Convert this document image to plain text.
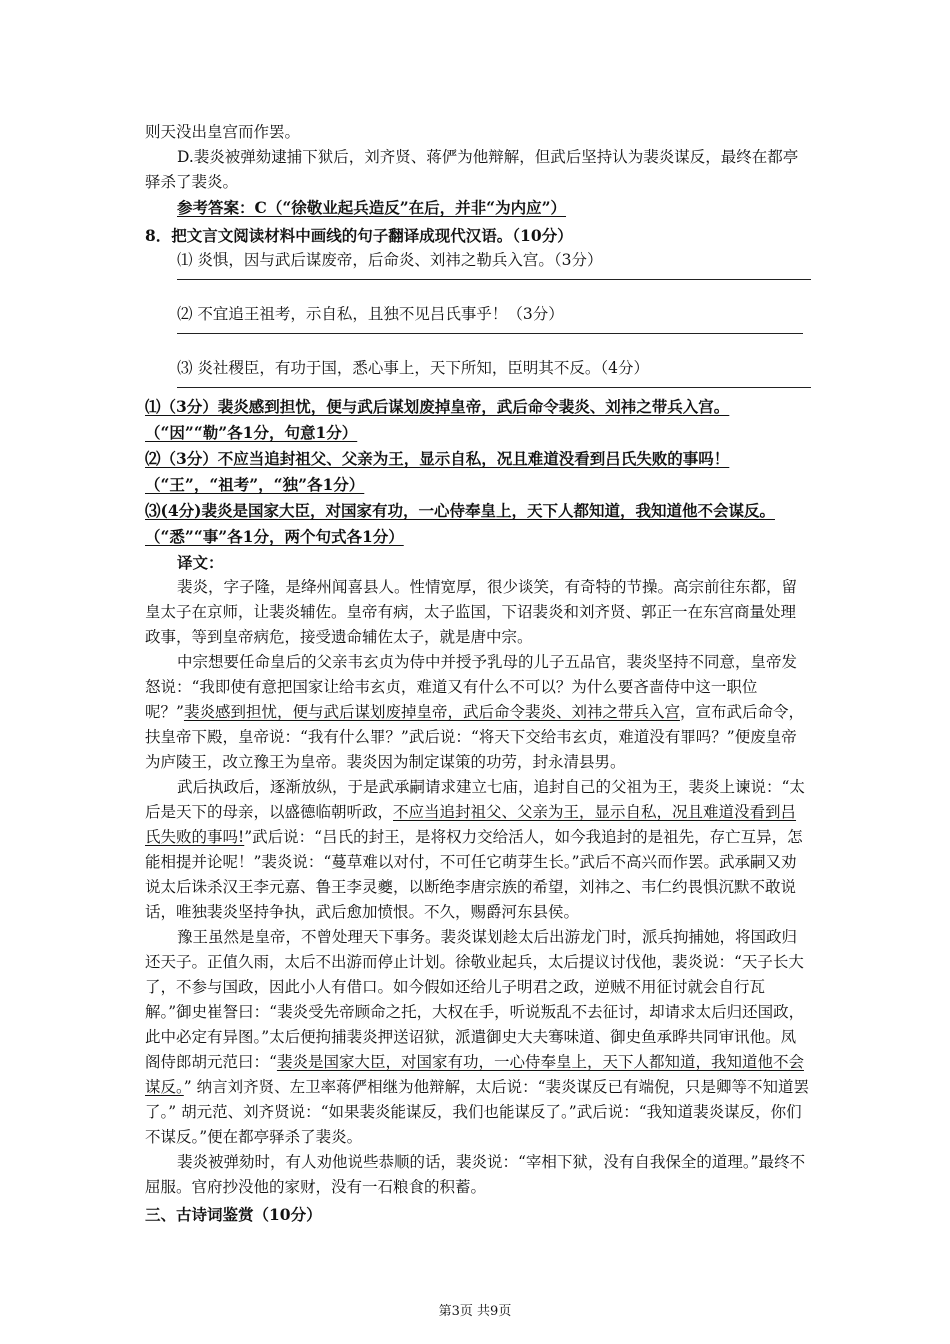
则天没出皇宫而作罢。

D.裴炎被弹劾逮捕下狱后，刘齐贤、蒋俨为他辩解，但武后坚持认为裴炎谋反，最终在都亭驿杀了裴炎。

参考答案：C（“徐敬业起兵造反”在后，并非“为内应”）

8．把文言文阅读材料中画线的句子翻译成现代汉语。（10分）

⑴ 炎惧，因与武后谋废帝，后命炎、刘祎之勒兵入宫。（3分）

⑵ 不宜追王祖考，示自私，且独不见吕氏事乎！（3分）

⑶ 炎社稷臣，有功于国，悉心事上，天下所知，臣明其不反。（4分）

⑴（3分）裴炎感到担忧，便与武后谋划废掉皇帝，武后命令裴炎、刘祎之带兵入宫。（“因”“勒”各1分，句意1分）

⑵（3分）不应当追封祖父、父亲为王，显示自私，况且难道没看到吕氏失败的事吗！（“王”，“祖考”，“独”各1分）

⑶(4分)裴炎是国家大臣，对国家有功，一心侍奉皇上，天下人都知道，我知道他不会谋反。（“悉”“事”各1分，两个句式各1分）

译文：

裴炎，字子隆，是绛州闻喜县人。性情宽厚，很少谈笑，有奇特的节操。高宗前往东都，留皇太子在京师，让裴炎辅佐。皇帝有病，太子监国，下诏裴炎和刘齐贤、郭正一在东宫商量处理政事，等到皇帝病危，接受遗命辅佐太子，就是唐中宗。

中宗想要任命皇后的父亲韦玄贞为侍中并授予乳母的儿子五品官，裴炎坚持不同意，皇帝发怒说：“我即使有意把国家让给韦玄贞，难道又有什么不可以？为什么要吝啬侍中这一职位呢？”裴炎感到担忧，便与武后谋划废掉皇帝，武后命令裴炎、刘祎之带兵入宫，宣布武后命令，扶皇帝下殿，皇帝说：“我有什么罪？”武后说：“将天下交给韦玄贞，难道没有罪吗？”便废皇帝为庐陵王，改立豫王为皇帝。裴炎因为制定谋策的功劳，封永清县男。

武后执政后，逐渐放纵，于是武承嗣请求建立七庙，追封自己的父祖为王，裴炎上谏说：“太后是天下的母亲，以盛德临朝听政，不应当追封祖父、父亲为王，显示自私，况且难道没看到吕氏失败的事吗!”武后说：“吕氏的封王，是将权力交给活人，如今我追封的是祖先，存亡互异，怎能相提并论呢！”裴炎说：“蔓草难以对付，不可任它萌芽生长。”武后不高兴而作罢。武承嗣又劝说太后诛杀汉王李元嘉、鲁王李灵夔，以断绝李唐宗族的希望，刘祎之、韦仁约畏惧沉默不敢说话，唯独裴炎坚持争执，武后愈加愤恨。不久，赐爵河东县侯。

豫王虽然是皇帝，不曾处理天下事务。裴炎谋划趁太后出游龙门时，派兵拘捕她，将国政归还天子。正值久雨，太后不出游而停止计划。徐敬业起兵，太后提议讨伐他，裴炎说：“天子长大了，不参与国政，因此小人有借口。如今假如还给儿子明君之政，逆贼不用征讨就会自行瓦解。”御史崔詧曰：“裴炎受先帝顾命之托，大权在手，听说叛乱不去征讨，却请求太后归还国政，此中必定有异图。”太后便拘捕裴炎押送诏狱，派遣御史大夫骞味道、御史鱼承晔共同审讯他。凤阁侍郎胡元范曰：“裴炎是国家大臣，对国家有功，一心侍奉皇上，天下人都知道，我知道他不会谋反。” 纳言刘齐贤、左卫率蒋俨相继为他辩解，太后说：“裴炎谋反已有端倪，只是卿等不知道罢了。” 胡元范、刘齐贤说：“如果裴炎能谋反，我们也能谋反了。”武后说：“我知道裴炎谋反，你们不谋反。”便在都亭驿杀了裴炎。

裴炎被弹劾时，有人劝他说些恭顺的话，裴炎说：“宰相下狱，没有自我保全的道理。”最终不屈服。官府抄没他的家财，没有一石粮食的积蓄。

三、古诗词鉴赏（10分）

第3页 共9页
